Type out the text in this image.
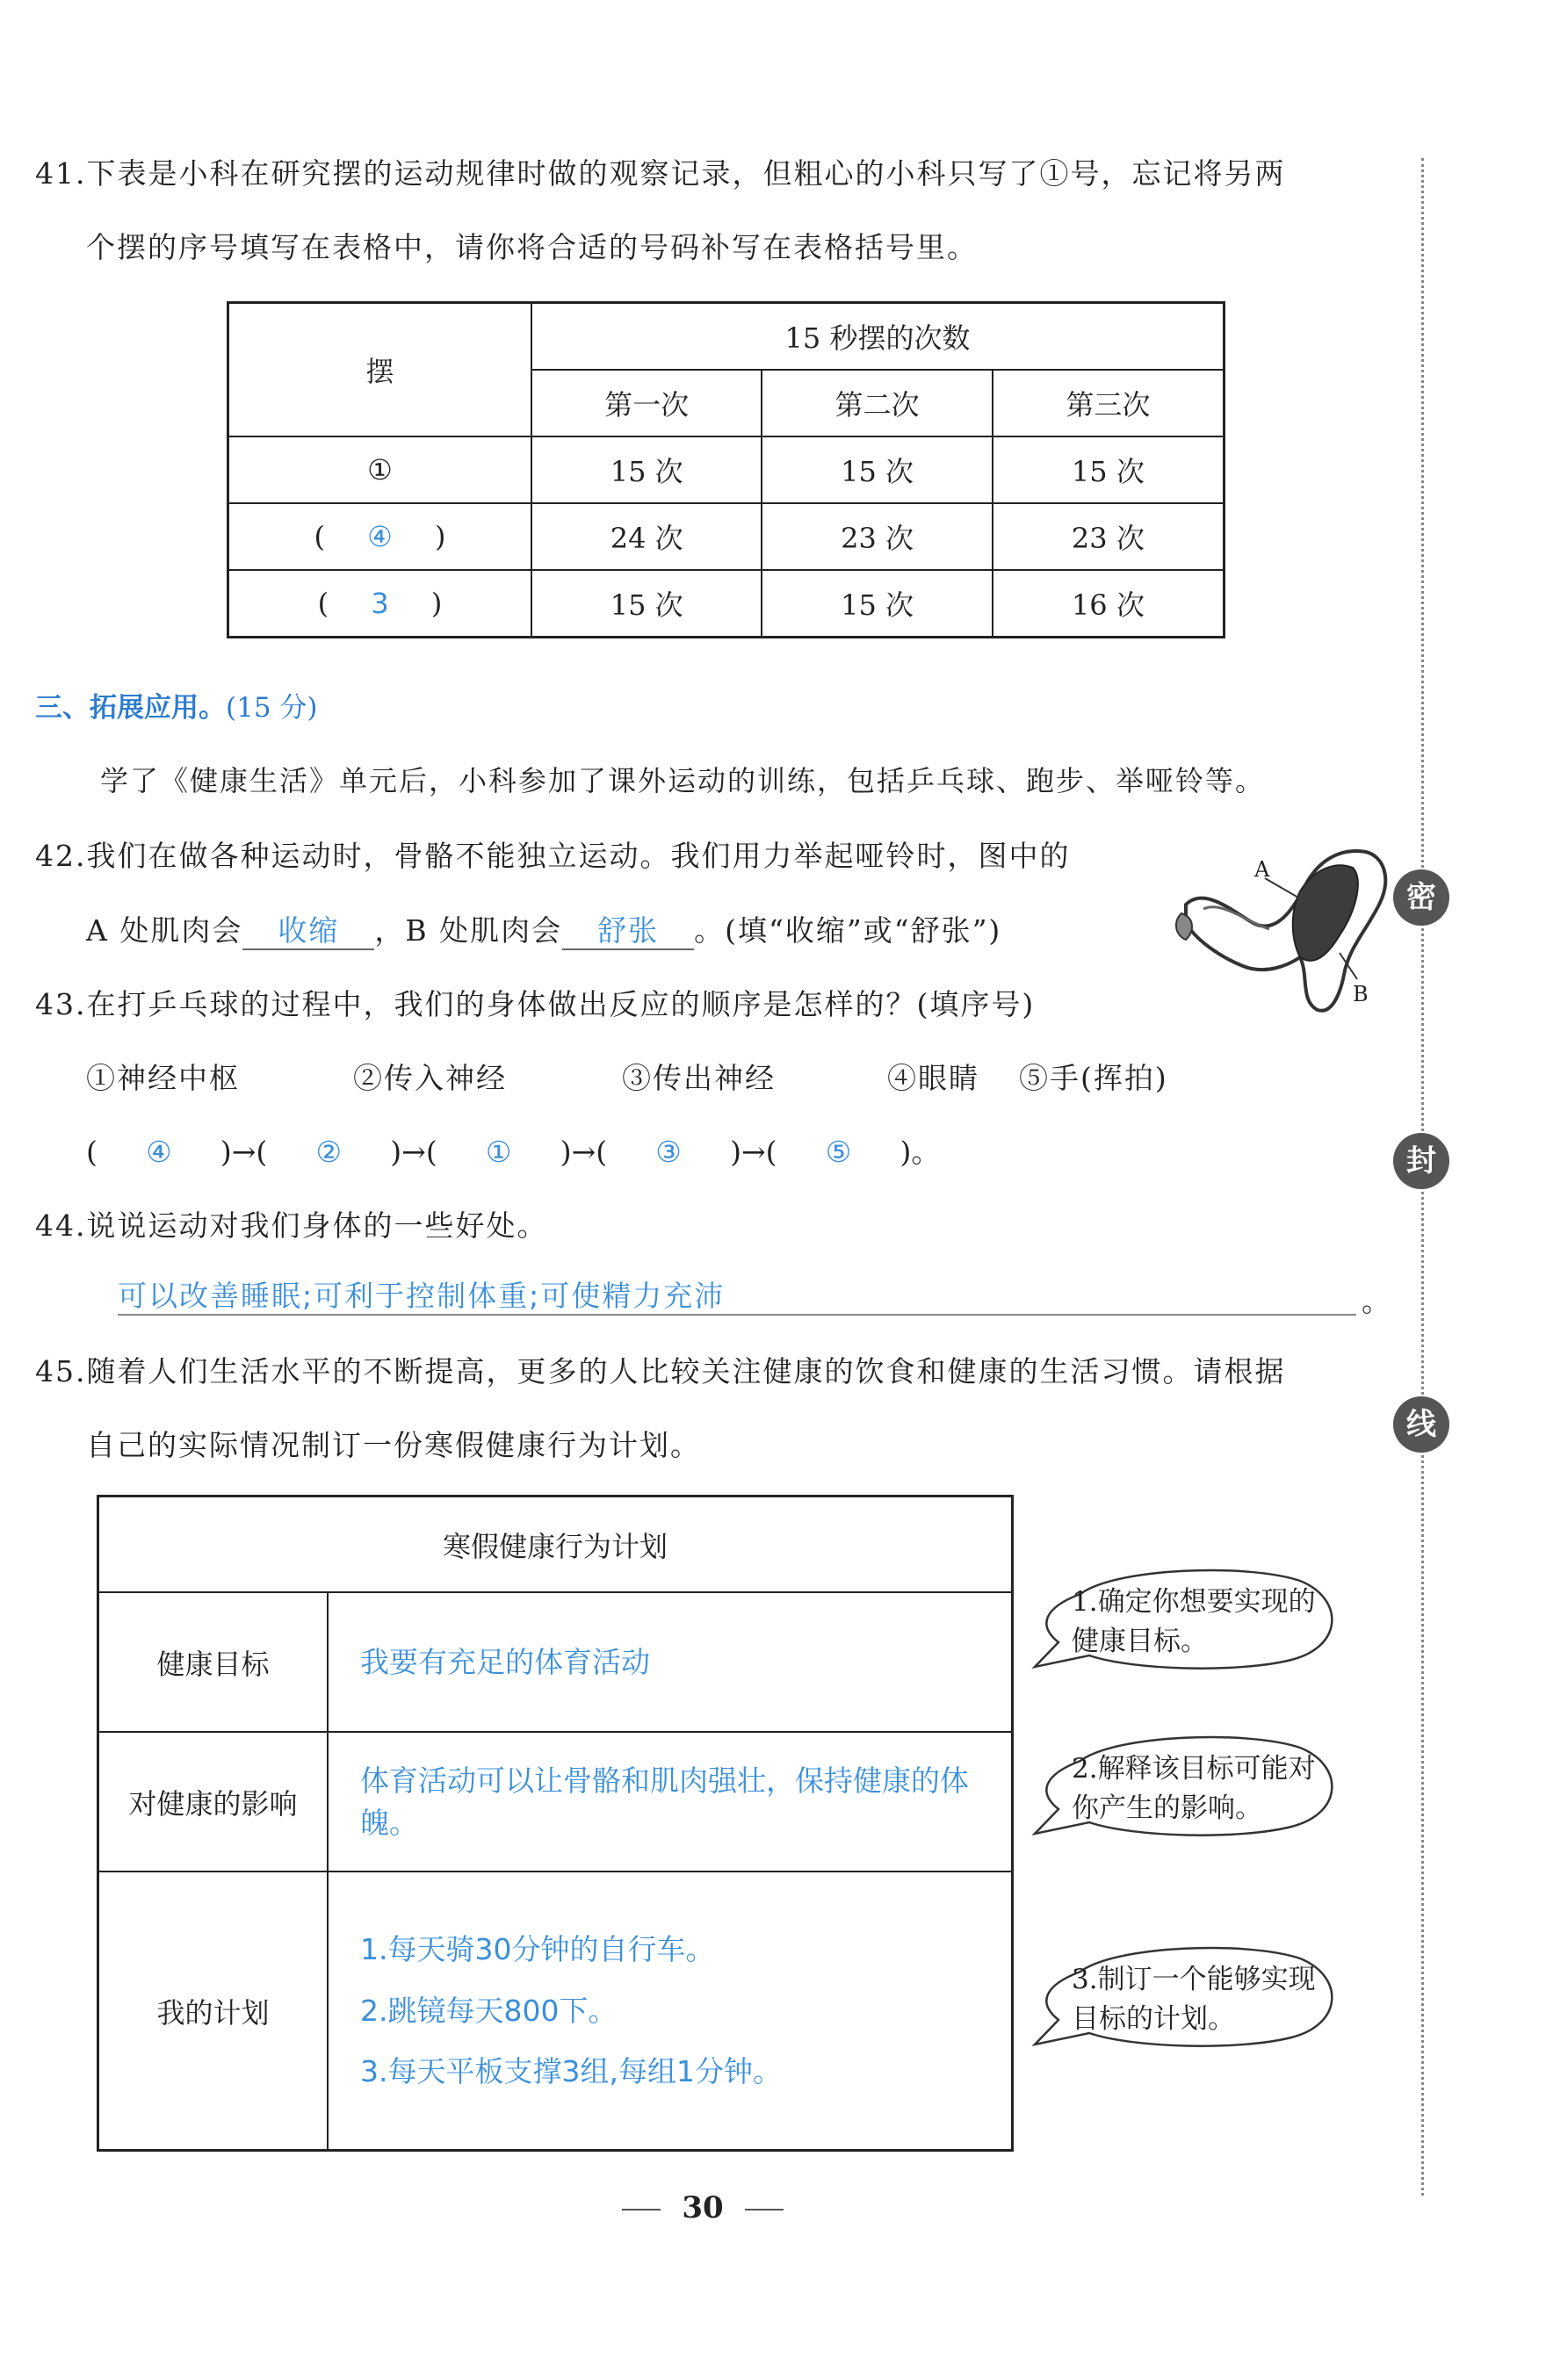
41.下表是小科在研究摆的运动规律时做的观察记录，但粗心的小科只写了①号，忘记将另两
个摆的序号填写在表格中，请你将合适的号码补写在表格括号里。
摆	15 秒摆的次数		
	第一次	第二次	第三次
①	15 次	15 次	15 次
( ④ )	24 次	23 次	23 次
( 3 )	15 次	15 次	16 次
三、拓展应用。(15 分)
学了《健康生活》单元后，小科参加了课外运动的训练，包括乒乓球、跑步、举哑铃等。
42.我们在做各种运动时，骨骼不能独立运动。我们用力举起哑铃时，图中的
A 处肌肉会 收缩 ，B 处肌肉会 舒张 。(填“收缩”或“舒张”)
A
B
43.在打乒乓球的过程中，我们的身体做出反应的顺序是怎样的？(填序号)
①神经中枢	②传入神经	③传出神经	④眼睛 ⑤手(挥拍)
( ④ )→( ② )→( ① )→( ③ )→( ⑤ )。
44.说说运动对我们身体的一些好处。
可以改善睡眠;可利于控制体重;可使精力充沛	。
45.随着人们生活水平的不断提高，更多的人比较关注健康的饮食和健康的生活习惯。请根据
自己的实际情况制订一份寒假健康行为计划。
寒假健康行为计划	
健康目标	我要有充足的体育活动
对健康的影响	体育活动可以让骨骼和肌肉强壮，保持健康的体魄。
我的计划	1.每天骑30分钟的自行车。
2.跳镜每天800下。
3.每天平板支撑3组,每组1分钟。
1.确定你想要实现的健康目标。
2.解释该目标可能对你产生的影响。
3.制订一个能够实现目标的计划。
密
封
线
30
